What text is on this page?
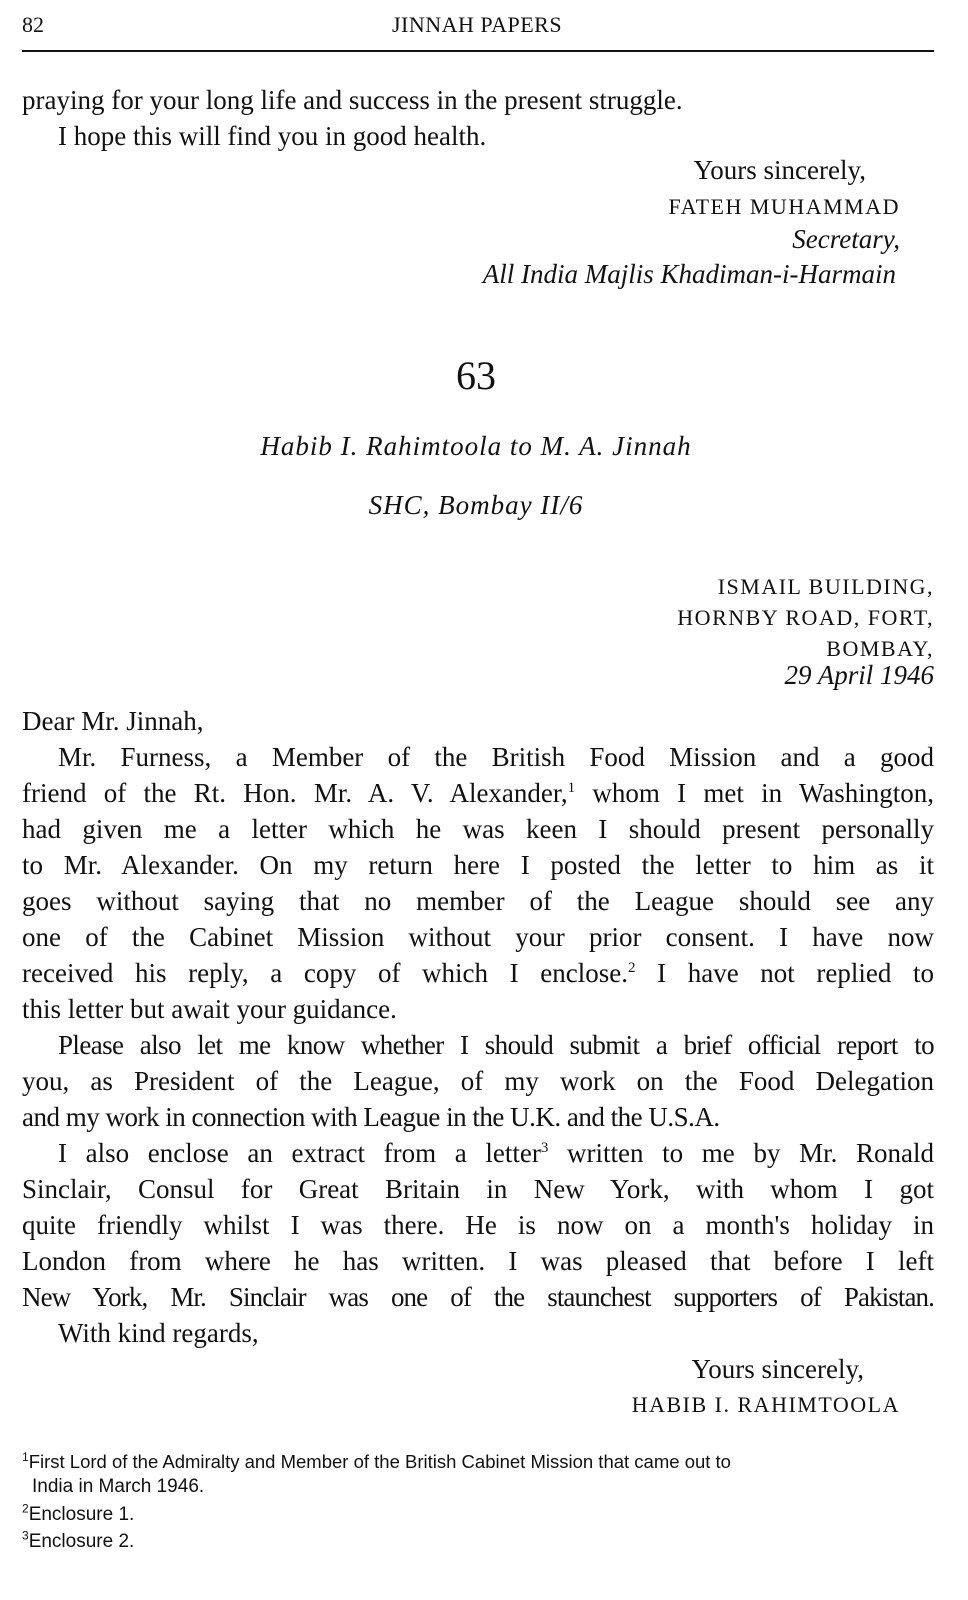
82	JINNAH PAPERS
praying for your long life and success in the present struggle.
I hope this will find you in good health.
Yours sincerely,
FATEH MUHAMMAD
Secretary,
All India Majlis Khadiman-i-Harmain
63
Habib I. Rahimtoola to M. A. Jinnah
SHC, Bombay II/6
ISMAIL BUILDING,
HORNBY ROAD, FORT,
BOMBAY,
29 April 1946
Dear Mr. Jinnah,
Mr. Furness, a Member of the British Food Mission and a good
friend of the Rt. Hon. Mr. A. V. Alexander,$^1$ whom I met in Washington,
had given me a letter which he was keen I should present personally
to Mr. Alexander. On my return here I posted the letter to him as it
goes without saying that no member of the League should see any
one of the Cabinet Mission without your prior consent. I have now
received his reply, a copy of which I enclose.$^2$ I have not replied to
this letter but await your guidance.
Please also let me know whether I should submit a brief official report to
you, as President of the League, of my work on the Food Delegation
and my work in connection with League in the U.K. and the U.S.A.
I also enclose an extract from a letter$^3$ written to me by Mr. Ronald
Sinclair, Consul for Great Britain in New York, with whom I got
quite friendly whilst I was there. He is now on a month's holiday in
London from where he has written. I was pleased that before I left
New York, Mr. Sinclair was one of the staunchest supporters of Pakistan.
With kind regards,
Yours sincerely,
HABIB I. RAHIMTOOLA
$^1$First Lord of the Admiralty and Member of the British Cabinet Mission that came out to
India in March 1946.
$^2$Enclosure 1.
$^3$Enclosure 2.
